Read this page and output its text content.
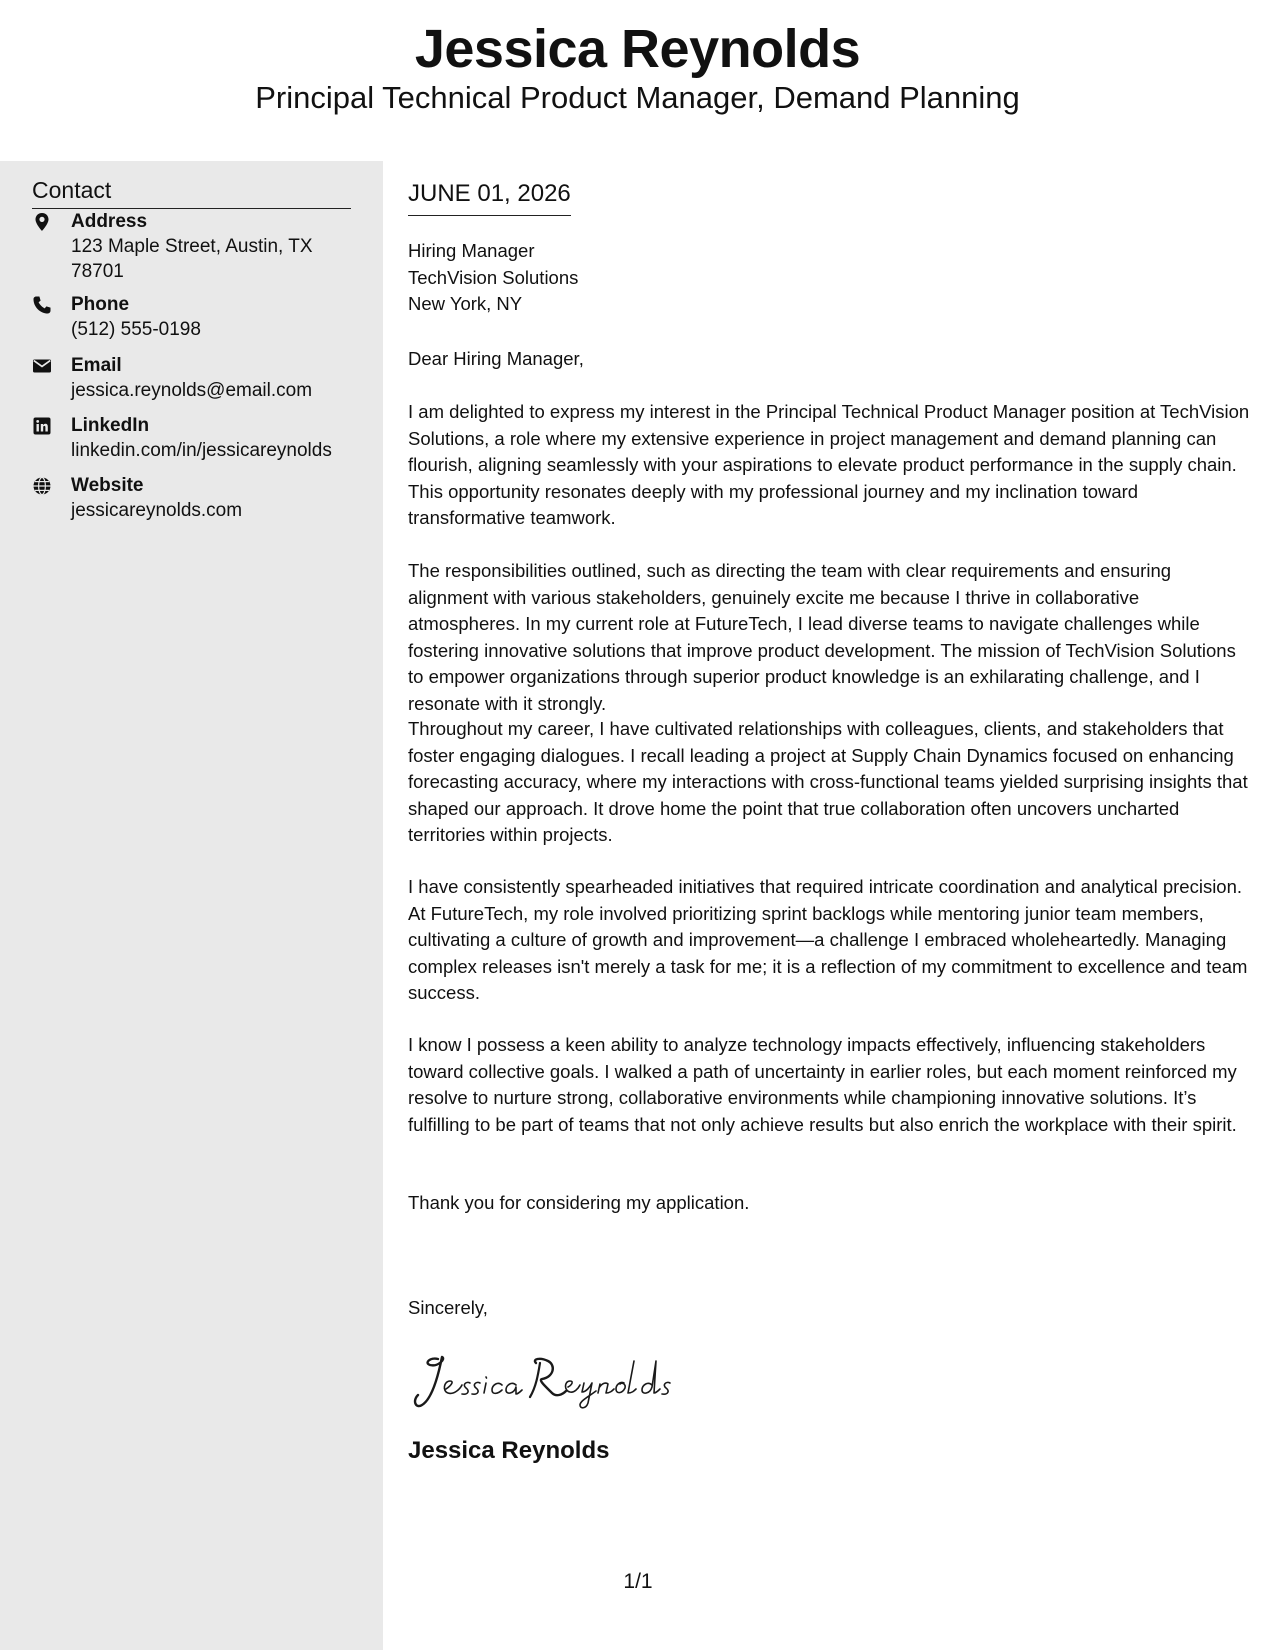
Jessica Reynolds
Principal Technical Product Manager, Demand Planning
Contact
Address
123 Maple Street, Austin, TX 78701
Phone
(512) 555-0198
Email
jessica.reynolds@email.com
LinkedIn
linkedin.com/in/jessicareynolds
Website
jessicareynolds.com
JUNE 01, 2026
Hiring Manager
TechVision Solutions
New York, NY
Dear Hiring Manager,
I am delighted to express my interest in the Principal Technical Product Manager position at TechVision Solutions, a role where my extensive experience in project management and demand planning can flourish, aligning seamlessly with your aspirations to elevate product performance in the supply chain. This opportunity resonates deeply with my professional journey and my inclination toward transformative teamwork.
The responsibilities outlined, such as directing the team with clear requirements and ensuring alignment with various stakeholders, genuinely excite me because I thrive in collaborative atmospheres. In my current role at FutureTech, I lead diverse teams to navigate challenges while fostering innovative solutions that improve product development. The mission of TechVision Solutions to empower organizations through superior product knowledge is an exhilarating challenge, and I resonate with it strongly.
Throughout my career, I have cultivated relationships with colleagues, clients, and stakeholders that foster engaging dialogues. I recall leading a project at Supply Chain Dynamics focused on enhancing forecasting accuracy, where my interactions with cross-functional teams yielded surprising insights that shaped our approach. It drove home the point that true collaboration often uncovers uncharted territories within projects.
I have consistently spearheaded initiatives that required intricate coordination and analytical precision. At FutureTech, my role involved prioritizing sprint backlogs while mentoring junior team members, cultivating a culture of growth and improvement—a challenge I embraced wholeheartedly. Managing complex releases isn't merely a task for me; it is a reflection of my commitment to excellence and team success.
I know I possess a keen ability to analyze technology impacts effectively, influencing stakeholders toward collective goals. I walked a path of uncertainty in earlier roles, but each moment reinforced my resolve to nurture strong, collaborative environments while championing innovative solutions. It’s fulfilling to be part of teams that not only achieve results but also enrich the workplace with their spirit.
Thank you for considering my application.
Sincerely,
Jessica Reynolds
1/1
